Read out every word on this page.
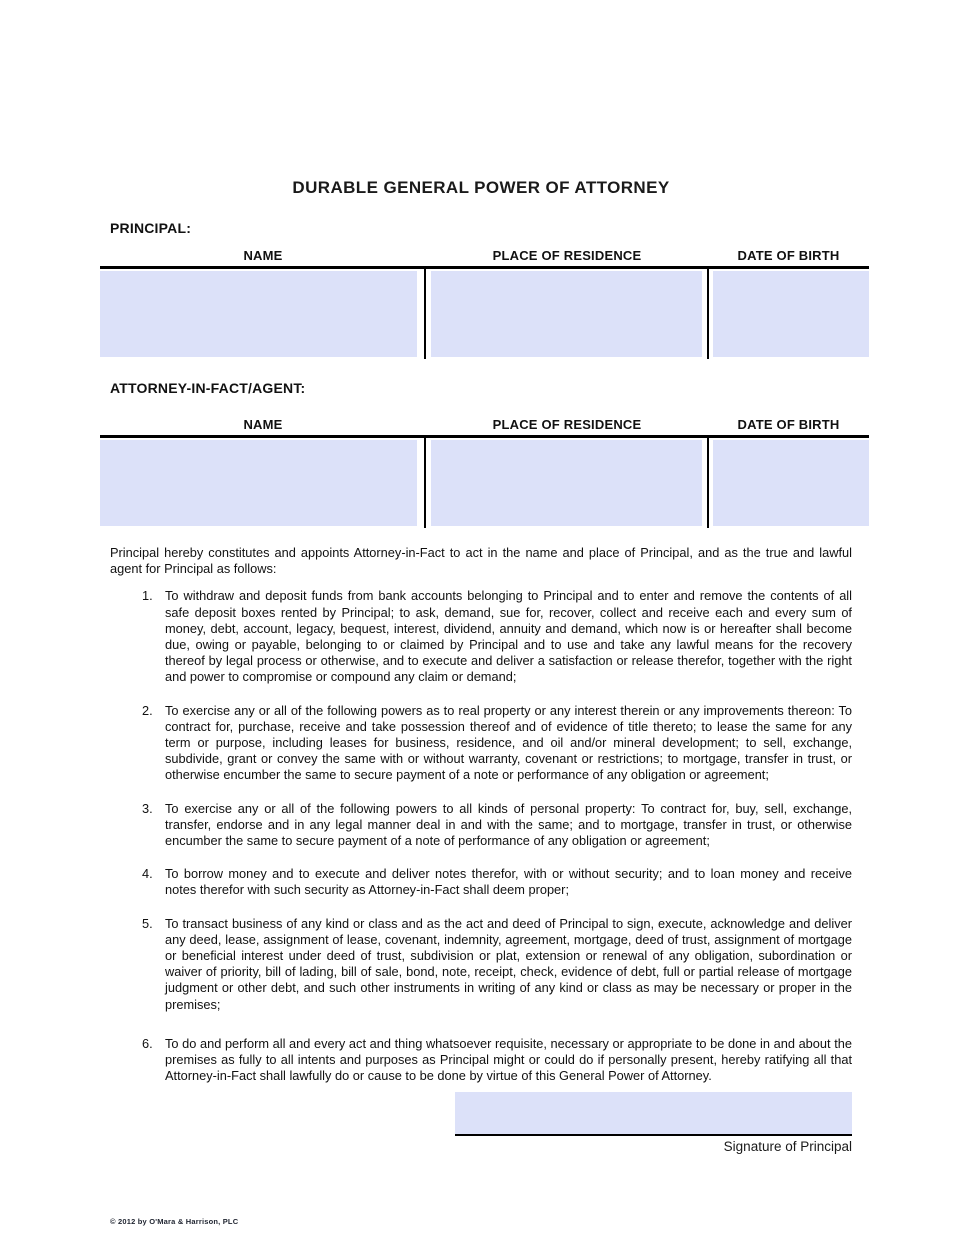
DURABLE GENERAL POWER OF ATTORNEY
PRINCIPAL:
NAME	PLACE OF RESIDENCE	DATE OF BIRTH
ATTORNEY-IN-FACT/AGENT:
NAME	PLACE OF RESIDENCE	DATE OF BIRTH
Principal hereby constitutes and appoints Attorney-in-Fact to act in the name and place of Principal, and as the true and lawful agent for Principal as follows:
1. To withdraw and deposit funds from bank accounts belonging to Principal and to enter and remove the contents of all safe deposit boxes rented by Principal; to ask, demand, sue for, recover, collect and receive each and every sum of money, debt, account, legacy, bequest, interest, dividend, annuity and demand, which now is or hereafter shall become due, owing or payable, belonging to or claimed by Principal and to use and take any lawful means for the recovery thereof by legal process or otherwise, and to execute and deliver a satisfaction or release therefor, together with the right and power to compromise or compound any claim or demand;
2. To exercise any or all of the following powers as to real property or any interest therein or any improvements thereon: To contract for, purchase, receive and take possession thereof and of evidence of title thereto; to lease the same for any term or purpose, including leases for business, residence, and oil and/or mineral development; to sell, exchange, subdivide, grant or convey the same with or without warranty, covenant or restrictions; to mortgage, transfer in trust, or otherwise encumber the same to secure payment of a note or performance of any obligation or agreement;
3. To exercise any or all of the following powers to all kinds of personal property: To contract for, buy, sell, exchange, transfer, endorse and in any legal manner deal in and with the same; and to mortgage, transfer in trust, or otherwise encumber the same to secure payment of a note of performance of any obligation or agreement;
4. To borrow money and to execute and deliver notes therefor, with or without security; and to loan money and receive notes therefor with such security as Attorney-in-Fact shall deem proper;
5. To transact business of any kind or class and as the act and deed of Principal to sign, execute, acknowledge and deliver any deed, lease, assignment of lease, covenant, indemnity, agreement, mortgage, deed of trust, assignment of mortgage or beneficial interest under deed of trust, subdivision or plat, extension or renewal of any obligation, subordination or waiver of priority, bill of lading, bill of sale, bond, note, receipt, check, evidence of debt, full or partial release of mortgage judgment or other debt, and such other instruments in writing of any kind or class as may be necessary or proper in the premises;
6. To do and perform all and every act and thing whatsoever requisite, necessary or appropriate to be done in and about the premises as fully to all intents and purposes as Principal might or could do if personally present, hereby ratifying all that Attorney-in-Fact shall lawfully do or cause to be done by virtue of this General Power of Attorney.
Signature of Principal
© 2012 by O'Mara & Harrison, PLC
